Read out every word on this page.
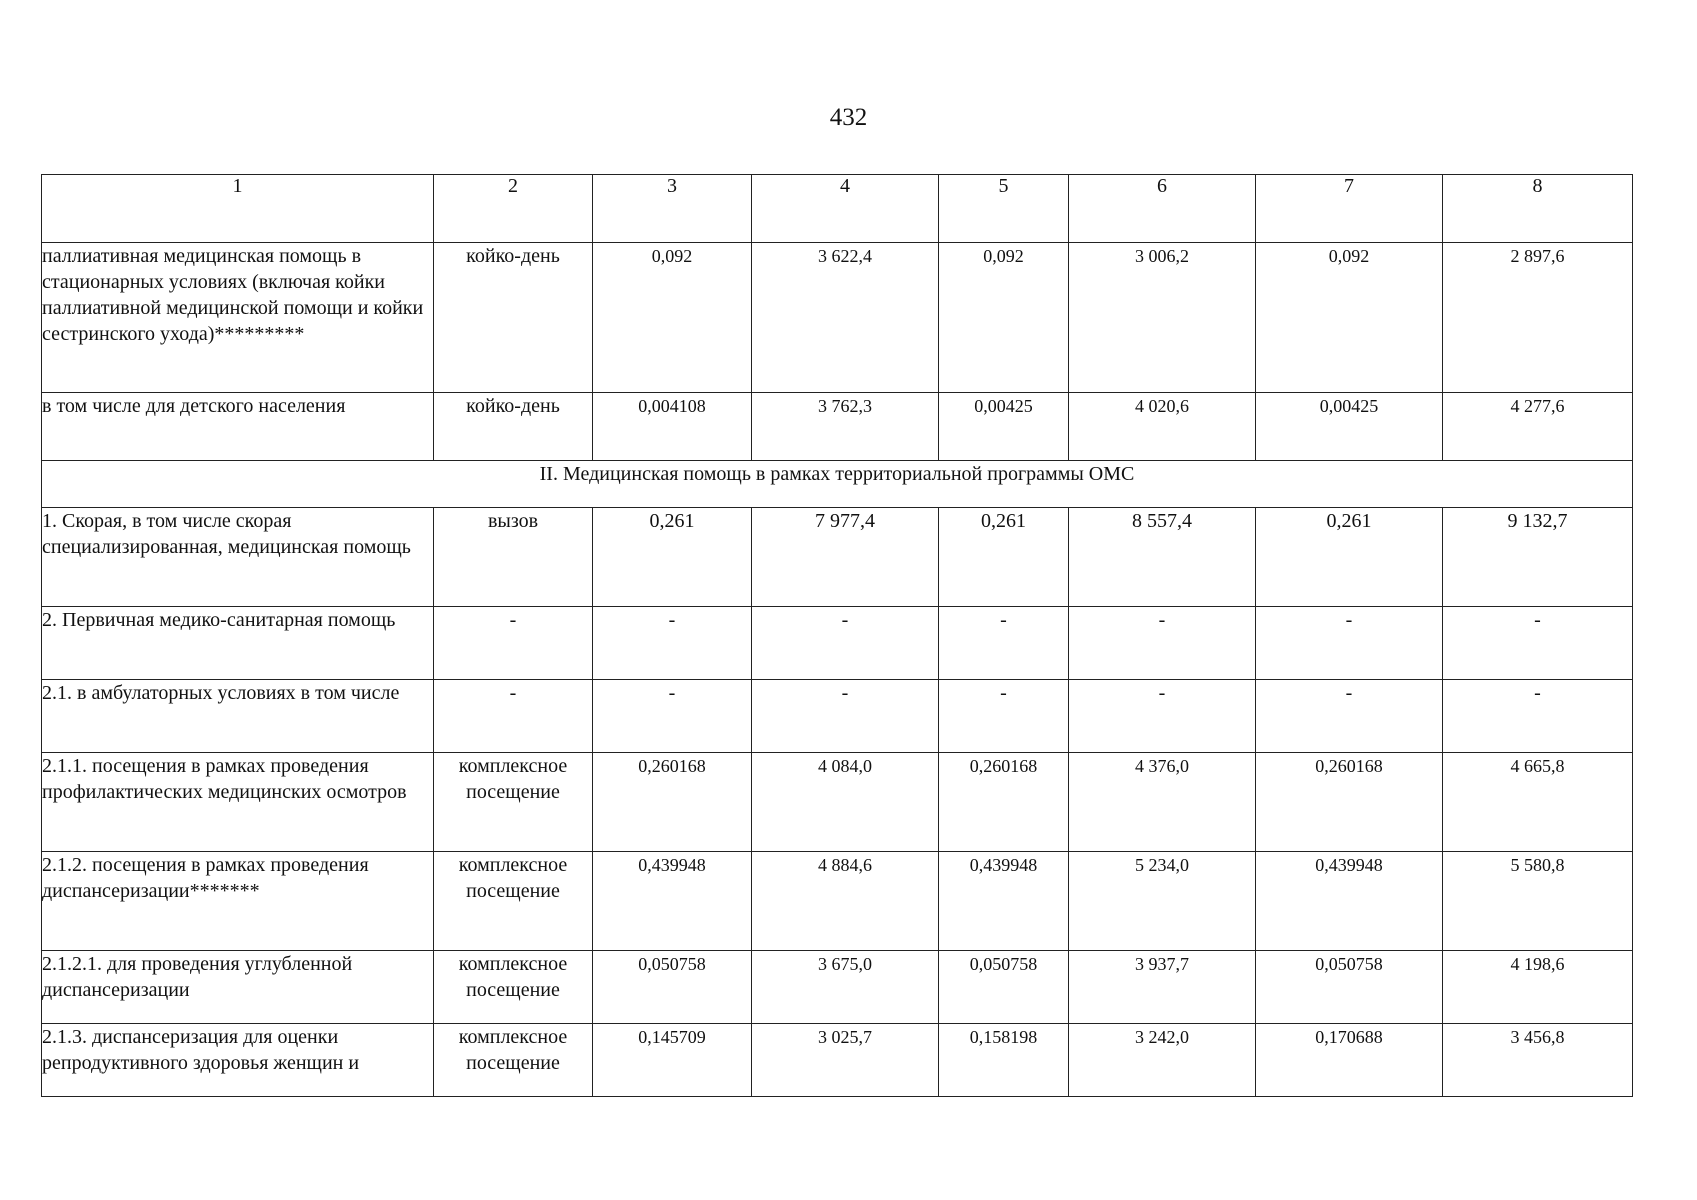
432
1	2	3	4	5	6	7	8
паллиативная медицинская помощь в стационарных условиях (включая койки паллиативной медицинской помощи и койки сестринского ухода)*********	койко-день	0,092	3 622,4	0,092	3 006,2	0,092	2 897,6
в том числе для детского населения	койко-день	0,004108	3 762,3	0,00425	4 020,6	0,00425	4 277,6
II. Медицинская помощь в рамках территориальной программы ОМС							
1. Скорая, в том числе скорая специализированная, медицинская помощь	вызов	0,261	7 977,4	0,261	8 557,4	0,261	9 132,7
2. Первичная медико-санитарная помощь	-	-	-	-	-	-	-
2.1. в амбулаторных условиях в том числе	-	-	-	-	-	-	-
2.1.1. посещения в рамках проведения профилактических медицинских осмотров	комплексное посещение	0,260168	4 084,0	0,260168	4 376,0	0,260168	4 665,8
2.1.2. посещения в рамках проведения диспансеризации*******	комплексное посещение	0,439948	4 884,6	0,439948	5 234,0	0,439948	5 580,8
2.1.2.1. для проведения углубленной диспансеризации	комплексное посещение	0,050758	3 675,0	0,050758	3 937,7	0,050758	4 198,6
2.1.3. диспансеризация для оценки репродуктивного здоровья женщин и	комплексное посещение	0,145709	3 025,7	0,158198	3 242,0	0,170688	3 456,8
